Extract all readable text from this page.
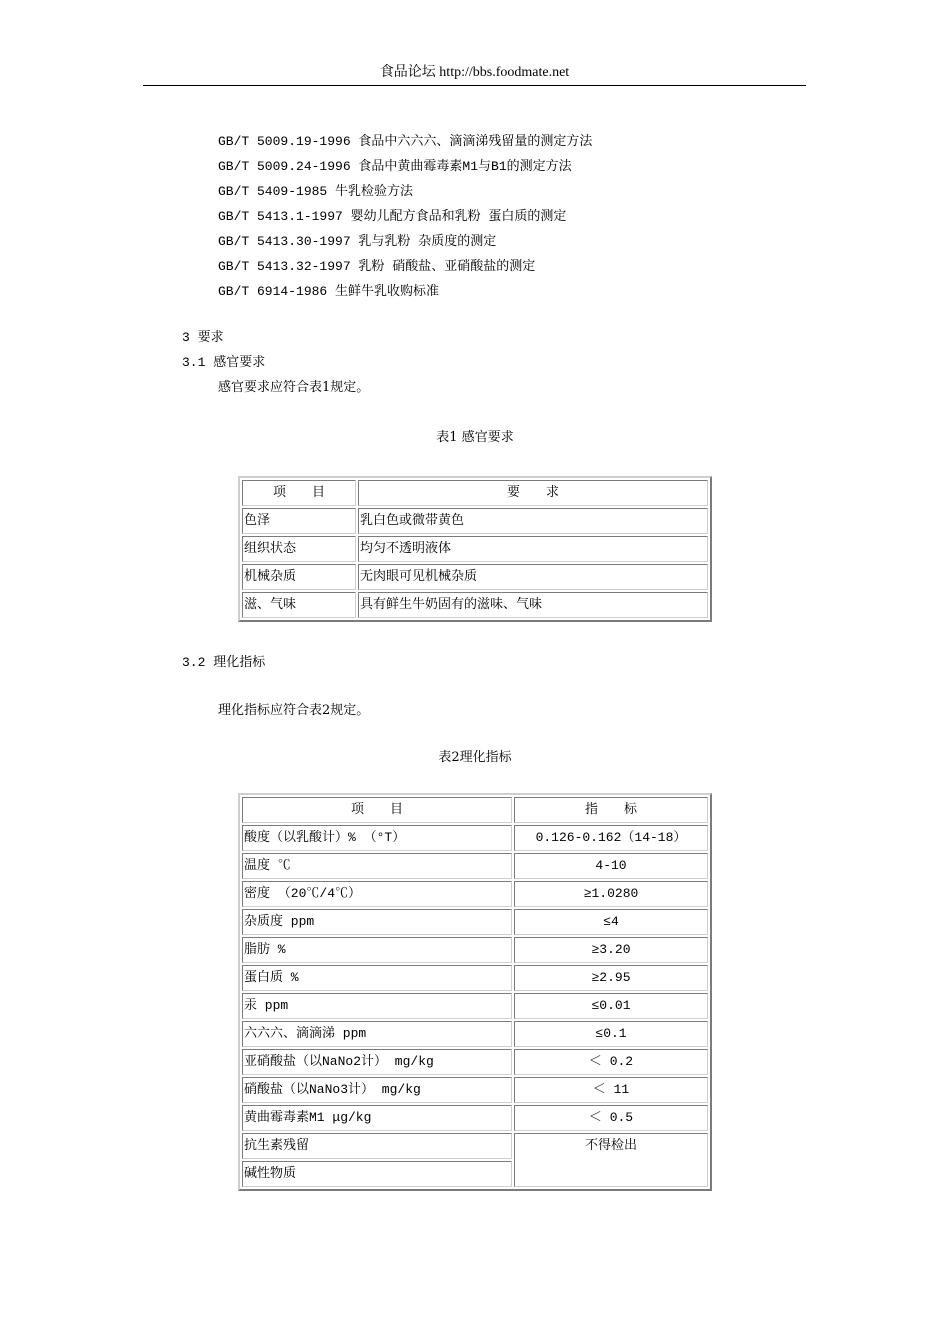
食品论坛 http://bbs.foodmate.net
GB/T 5009.19-1996 食品中六六六、滴滴涕残留量的测定方法
GB/T 5009.24-1996 食品中黄曲霉毒素M1与B1的测定方法
GB/T 5409-1985 牛乳检验方法
GB/T 5413.1-1997 婴幼儿配方食品和乳粉 蛋白质的测定
GB/T 5413.30-1997 乳与乳粉 杂质度的测定
GB/T 5413.32-1997 乳粉 硝酸盐、亚硝酸盐的测定
GB/T 6914-1986 生鲜牛乳收购标准
3 要求
3.1 感官要求
感官要求应符合表1规定。
表1 感官要求
项　　目	要　　求
色泽	乳白色或微带黄色
组织状态	均匀不透明液体
机械杂质	无肉眼可见机械杂质
滋、气味	具有鲜生牛奶固有的滋味、气味
3.2 理化指标
理化指标应符合表2规定。
表2理化指标
项　　目	指　　标
酸度（以乳酸计）% （°T）	0.126-0.162（14-18）
温度 ℃	4-10
密度 （20℃/4℃）	≥1.0280
杂质度 ppm	≤4
脂肪 %	≥3.20
蛋白质 %	≥2.95
汞 ppm	≤0.01
六六六、滴滴涕 ppm	≤0.1
亚硝酸盐（以NaNo2计） mg/kg	＜ 0.2
硝酸盐（以NaNo3计） mg/kg	＜ 11
黄曲霉毒素M1 μg/kg	＜ 0.5
抗生素残留	不得检出
碱性物质	
